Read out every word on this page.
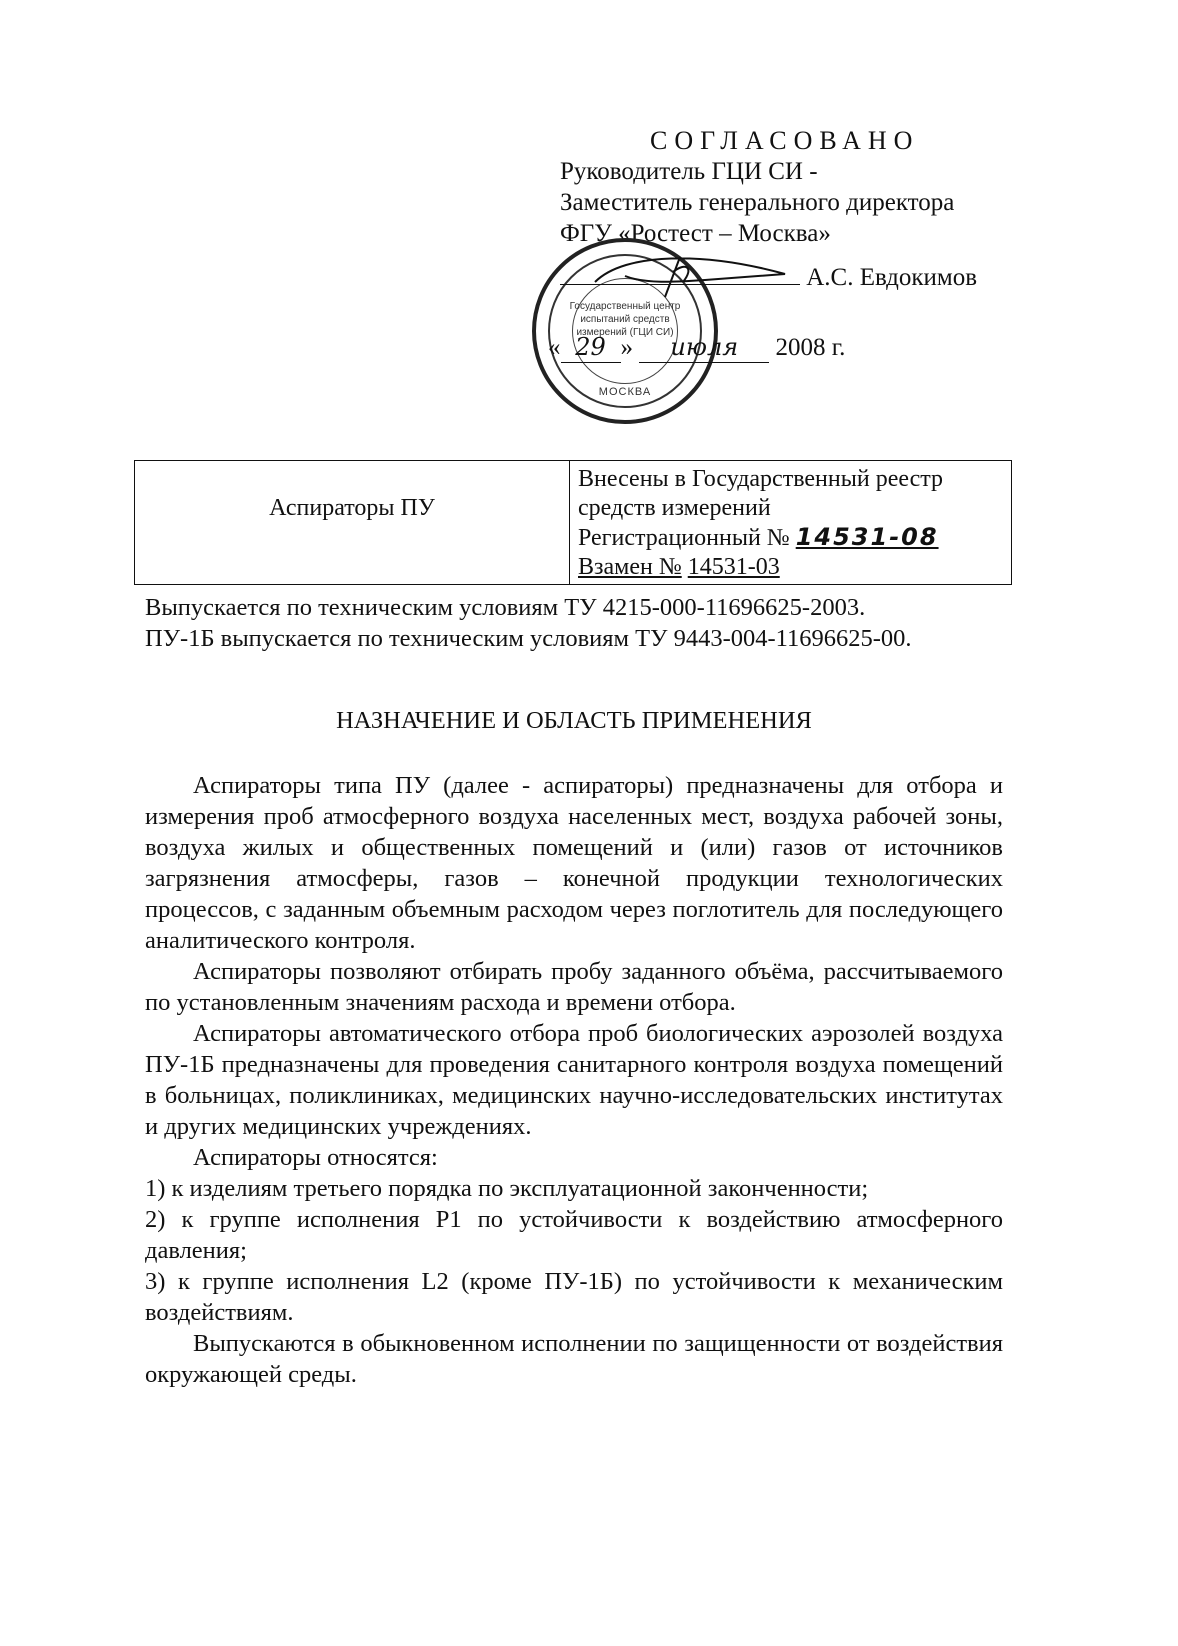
СОГЛАСОВАНО
Руководитель ГЦИ СИ -
Заместитель генерального директора
ФГУ «Ростест – Москва»
Государственный центр испытаний средств измерений (ГЦИ СИ)
МОСКВА
А.С. Евдокимов
« 29 » июля 2008 г.
Аспираторы ПУ	
Внесены в Государственный реестр
средств измерений
Регистрационный № 14531-08
Взамен № 14531-03

Выпускается по техническим условиям ТУ 4215-000-11696625-2003.

ПУ-1Б выпускается по техническим условиям ТУ 9443-004-11696625-00.

НАЗНАЧЕНИЕ И ОБЛАСТЬ ПРИМЕНЕНИЯ

Аспираторы типа ПУ (далее - аспираторы) предназначены для отбора и измерения проб атмосферного воздуха населенных мест, воздуха рабочей зоны, воздуха жилых и общественных помещений и (или) газов от источников загрязнения атмосферы, газов – конечной продукции технологических процессов, с заданным объемным расходом через поглотитель для последующего аналитического контроля.

Аспираторы позволяют отбирать пробу заданного объёма, рассчитываемого по установленным значениям расхода и времени отбора.

Аспираторы автоматического отбора проб биологических аэрозолей воздуха ПУ-1Б предназначены для проведения санитарного контроля воздуха помещений в больницах, поликлиниках, медицинских научно-исследовательских институтах и других медицинских учреждениях.

Аспираторы относятся:

1) к изделиям третьего порядка по эксплуатационной законченности;

2) к группе исполнения Р1 по устойчивости к воздействию атмосферного давления;

3) к группе исполнения L2 (кроме ПУ-1Б) по устойчивости к механическим воздействиям.

Выпускаются в обыкновенном исполнении по защищенности от воздействия окружающей среды.
